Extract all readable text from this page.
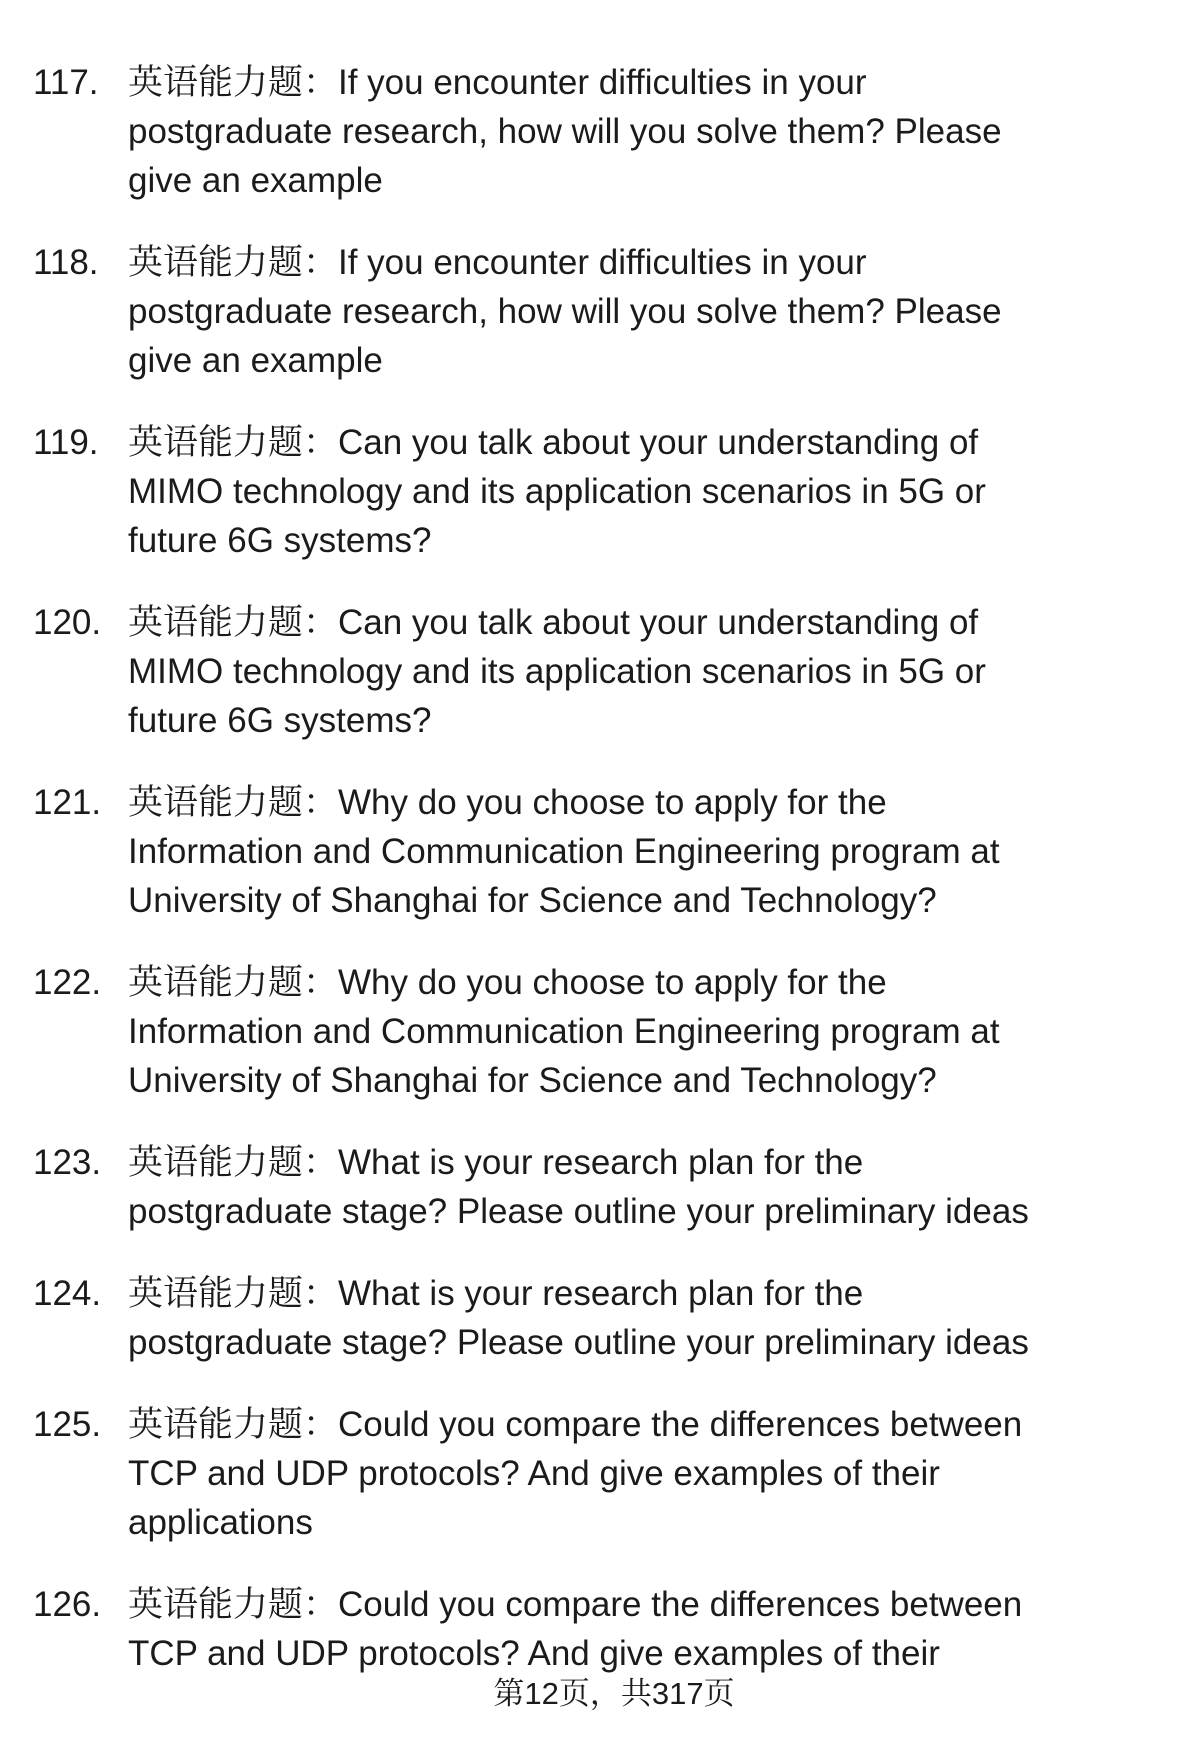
117. 英语能力题：If you encounter difficulties in your
postgraduate research, how will you solve them? Please
give an example
118. 英语能力题：If you encounter difficulties in your
postgraduate research, how will you solve them? Please
give an example
119. 英语能力题：Can you talk about your understanding of
MIMO technology and its application scenarios in 5G or
future 6G systems?
120. 英语能力题：Can you talk about your understanding of
MIMO technology and its application scenarios in 5G or
future 6G systems?
121. 英语能力题：Why do you choose to apply for the
Information and Communication Engineering program at
University of Shanghai for Science and Technology?
122. 英语能力题：Why do you choose to apply for the
Information and Communication Engineering program at
University of Shanghai for Science and Technology?
123. 英语能力题：What is your research plan for the
postgraduate stage? Please outline your preliminary ideas
124. 英语能力题：What is your research plan for the
postgraduate stage? Please outline your preliminary ideas
125. 英语能力题：Could you compare the differences between
TCP and UDP protocols? And give examples of their
applications
126. 英语能力题：Could you compare the differences between
TCP and UDP protocols? And give examples of their
第12页，共317页
